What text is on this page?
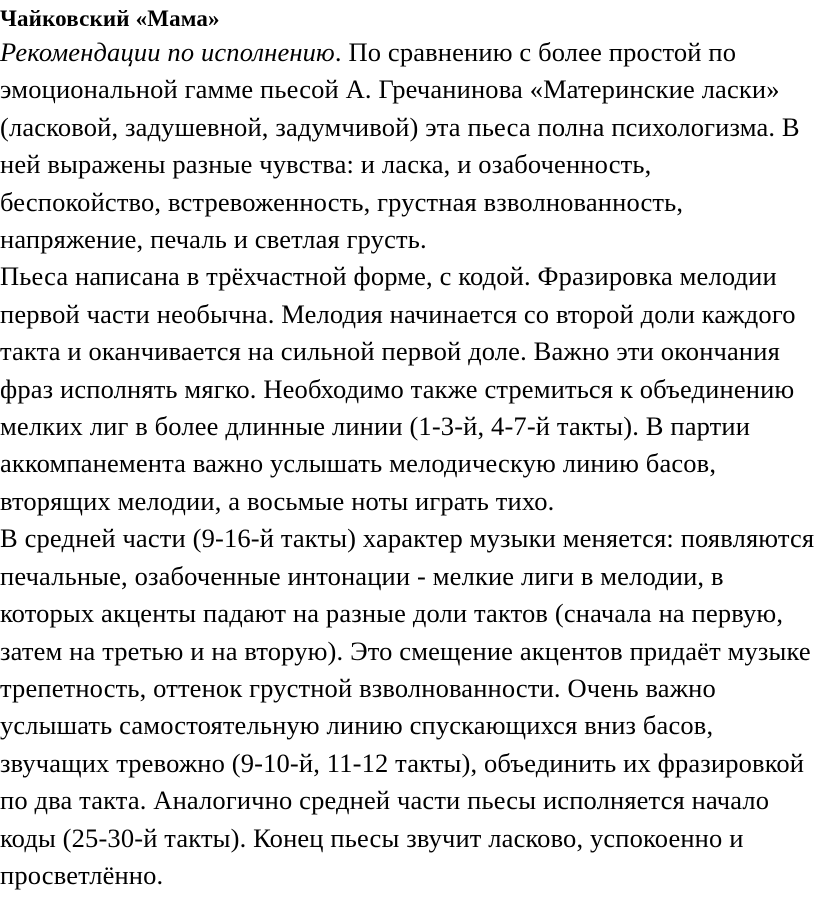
Чайковский «Мама»

Рекомендации по исполнению. По сравнению с более простой по эмоциональной гамме пьесой А. Гречанинова «Материнские ласки» (ласковой, задушевной, задумчивой) эта пьеса полна психологизма. В ней выражены разные чувства: и ласка, и озабоченность, беспокойство, встревоженность, грустная взволнованность, напряжение, печаль и светлая грусть.

Пьеса написана в трёхчастной форме, с кодой. Фразировка мелодии первой части необычна. Мелодия начинается со второй доли каждого такта и оканчивается на сильной первой доле. Важно эти окончания фраз исполнять мягко. Необходимо также стремиться к объединению мелких лиг в более длинные линии (1-3-й, 4-7-й такты). В партии аккомпанемента важно услышать мелодическую линию басов, вторящих мелодии, а восьмые ноты играть тихо.

В средней части (9-16-й такты) характер музыки меняется: появляются печальные, озабоченные интонации - мелкие лиги в мелодии, в которых акценты падают на разные доли тактов (сначала на первую, затем на третью и на вторую). Это смещение акцентов придаёт музыке трепетность, оттенок грустной взволнованности. Очень важно услышать самостоятельную линию спускающихся вниз басов, звучащих тревожно (9-10-й, 11-12 такты), объединить их фразировкой по два такта. Аналогично средней части пьесы исполняется начало коды (25-30-й такты). Конец пьесы звучит ласково, успокоенно и просветлённо.
